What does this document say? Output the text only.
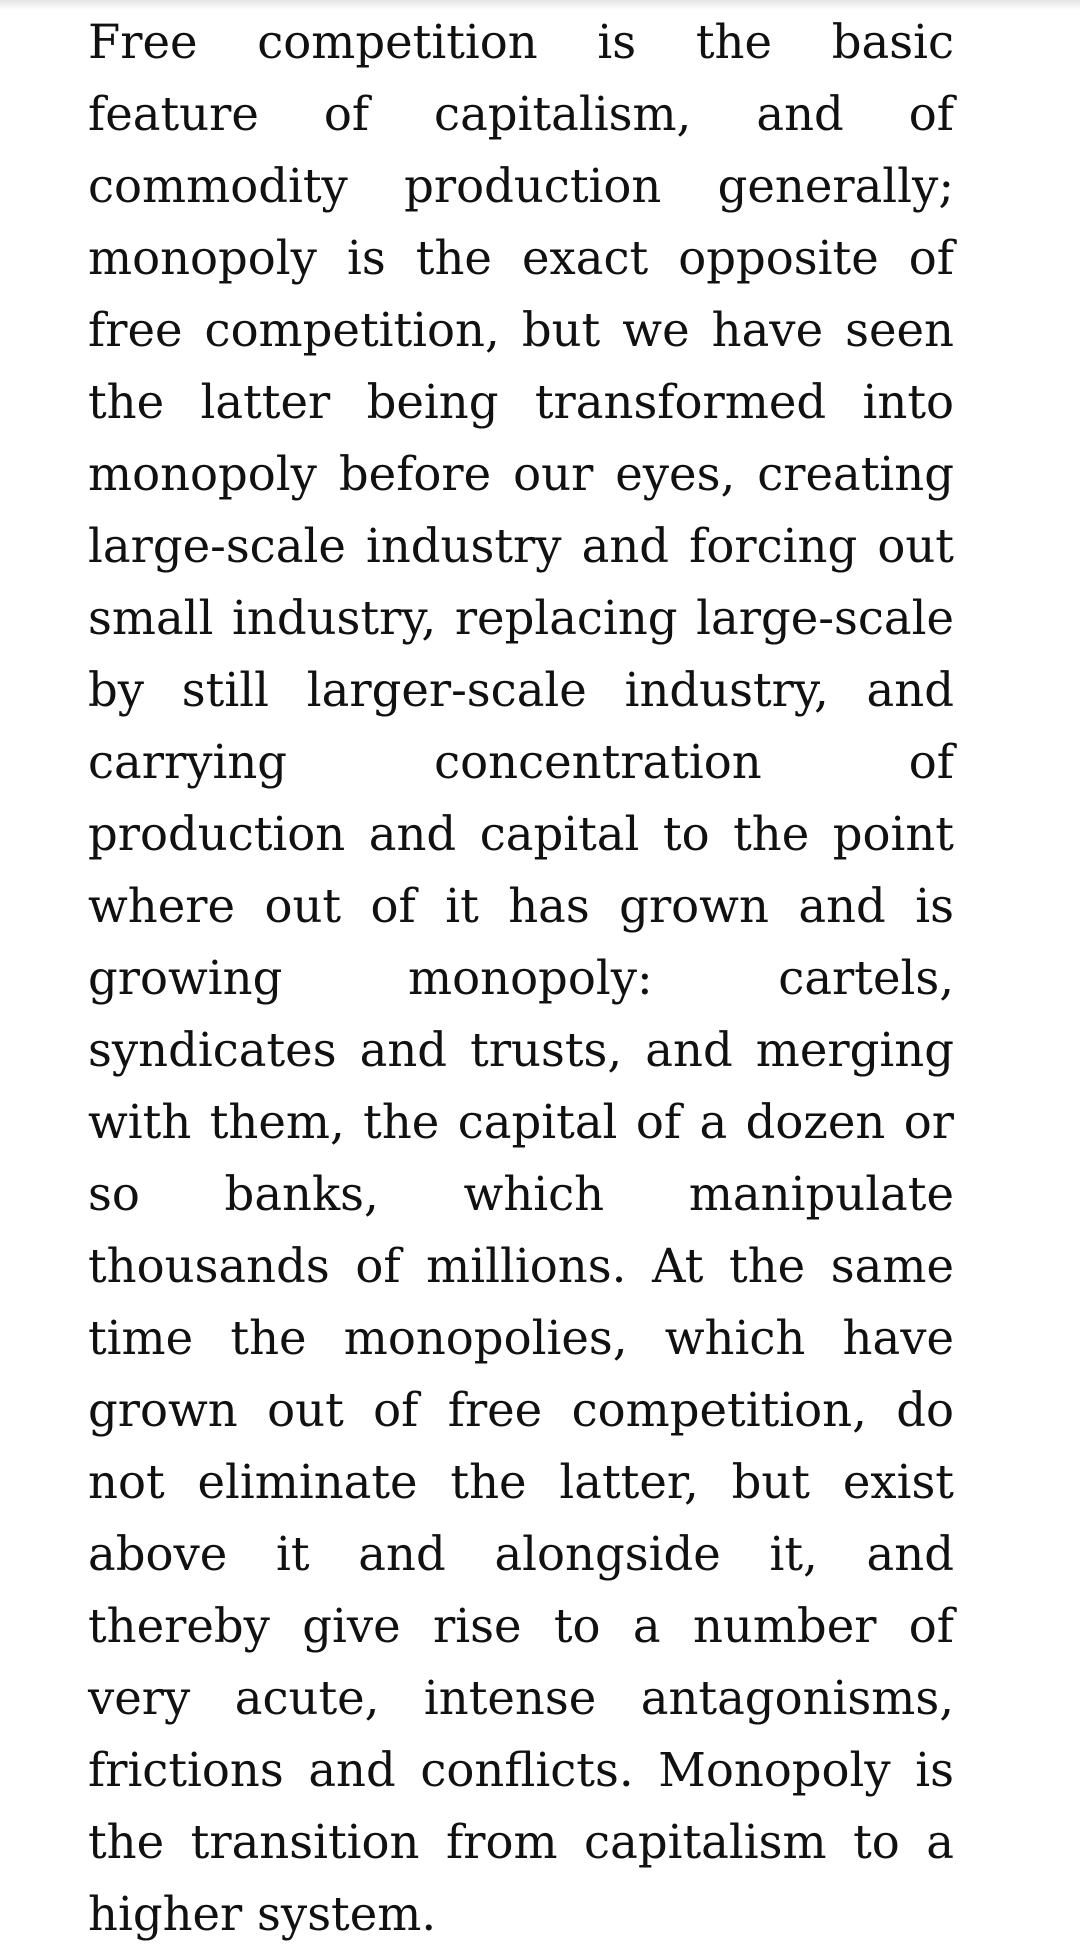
Free competition is the basic feature of capitalism, and of commodity production generally; monopoly is the exact opposite of free competition, but we have seen the latter being transformed into monopoly before our eyes, creating large-scale industry and forcing out small industry, replacing large-scale by still larger-scale industry, and carrying concentration of production and capital to the point where out of it has grown and is growing monopoly: cartels, syndicates and trusts, and merging with them, the capital of a dozen or so banks, which manipulate thousands of millions. At the same time the monopolies, which have grown out of free competition, do not eliminate the latter, but exist above it and alongside it, and thereby give rise to a number of very acute, intense antagonisms, frictions and conflicts. Monopoly is the transition from capitalism to a higher system.
